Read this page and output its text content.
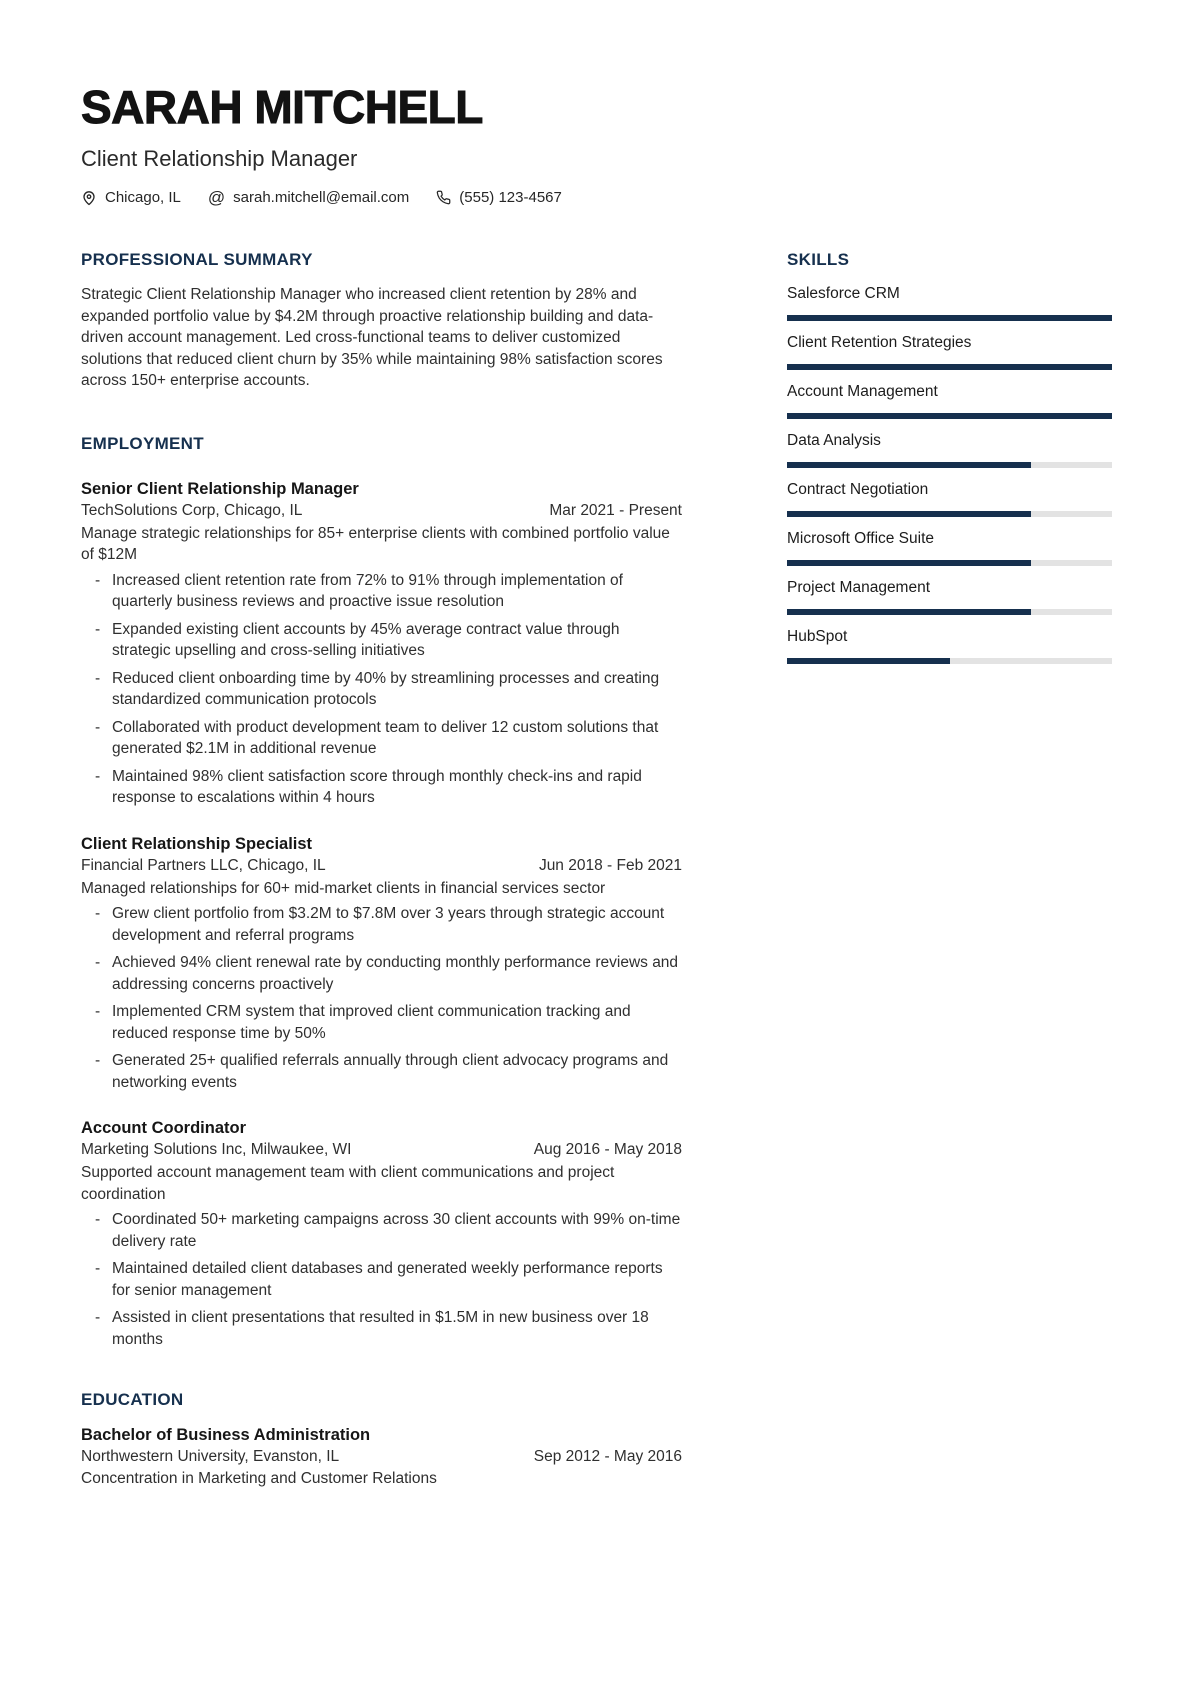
SARAH MITCHELL
Client Relationship Manager
Chicago, IL @ sarah.mitchell@email.com	(555) 123-4567
PROFESSIONAL SUMMARY

Strategic Client Relationship Manager who increased client retention by 28% and expanded portfolio value by $4.2M through proactive relationship building and data-driven account management. Led cross-functional teams to deliver customized solutions that reduced client churn by 35% while maintaining 98% satisfaction scores across 150+ enterprise accounts.

EMPLOYMENT
Senior Client Relationship Manager
TechSolutions Corp, Chicago, IL	Mar 2021 - Present

Manage strategic relationships for 85+ enterprise clients with combined portfolio value of $12M

- Increased client retention rate from 72% to 91% through implementation of quarterly business reviews and proactive issue resolution
- Expanded existing client accounts by 45% average contract value through strategic upselling and cross-selling initiatives
- Reduced client onboarding time by 40% by streamlining processes and creating standardized communication protocols
- Collaborated with product development team to deliver 12 custom solutions that generated $2.1M in additional revenue
- Maintained 98% client satisfaction score through monthly check-ins and rapid response to escalations within 4 hours
Client Relationship Specialist
Financial Partners LLC, Chicago, IL	Jun 2018 - Feb 2021

Managed relationships for 60+ mid-market clients in financial services sector

- Grew client portfolio from $3.2M to $7.8M over 3 years through strategic account development and referral programs
- Achieved 94% client renewal rate by conducting monthly performance reviews and addressing concerns proactively
- Implemented CRM system that improved client communication tracking and reduced response time by 50%
- Generated 25+ qualified referrals annually through client advocacy programs and networking events
Account Coordinator
Marketing Solutions Inc, Milwaukee, WI	Aug 2016 - May 2018

Supported account management team with client communications and project coordination

- Coordinated 50+ marketing campaigns across 30 client accounts with 99% on-time delivery rate
- Maintained detailed client databases and generated weekly performance reports for senior management
- Assisted in client presentations that resulted in $1.5M in new business over 18 months
EDUCATION
Bachelor of Business Administration
Northwestern University, Evanston, IL	Sep 2012 - May 2016
Concentration in Marketing and Customer Relations
SKILLS
Salesforce CRM
Client Retention Strategies
Account Management
Data Analysis
Contract Negotiation
Microsoft Office Suite
Project Management
HubSpot
